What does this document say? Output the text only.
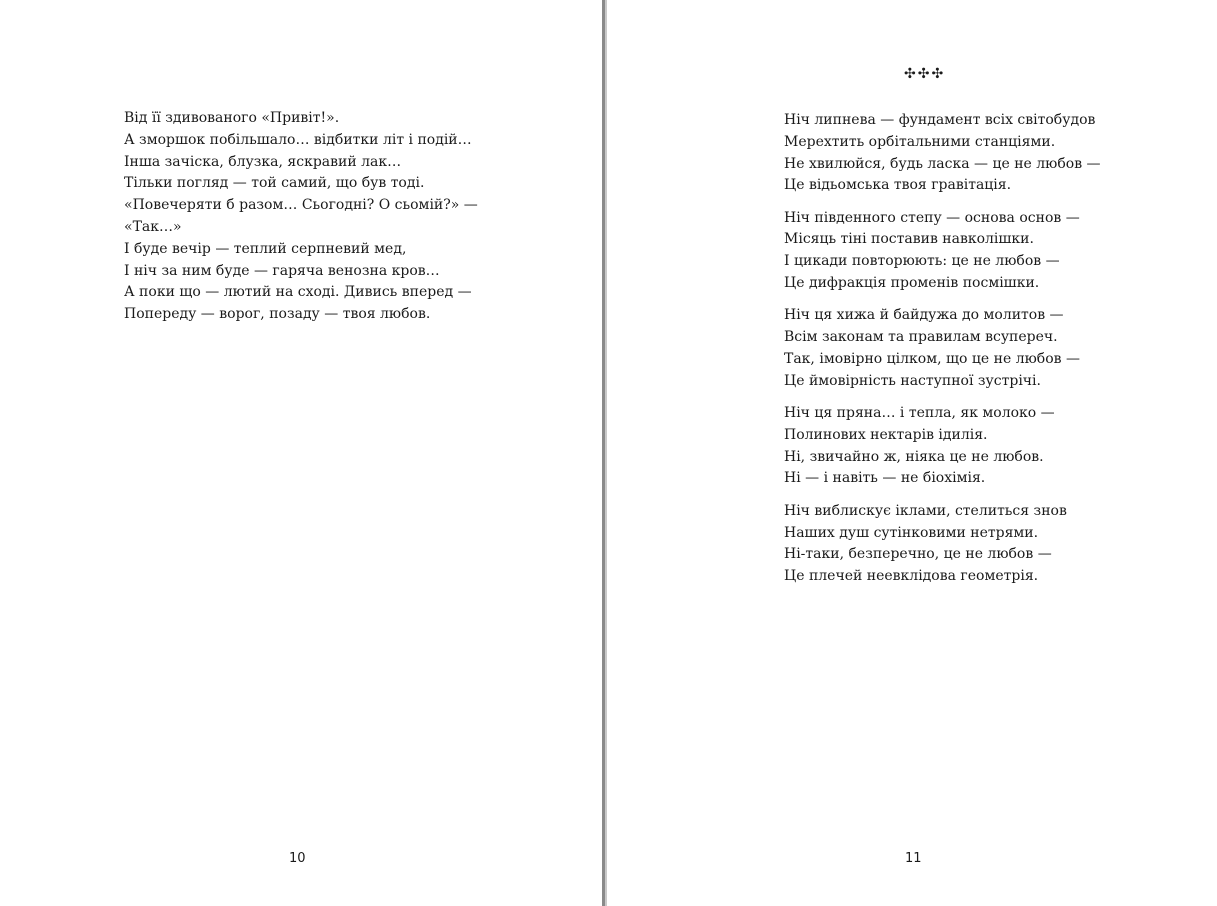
Від її здивованого «Привіт!».
А зморшок побільшало… відбитки літ і подій…
Інша зачіска, блузка, яскравий лак…
Тільки погляд — той самий, що був тоді.
«Повечеряти б разом… Сьогодні? О сьомій?» —
«Так…»
І буде вечір — теплий серпневий мед,
І ніч за ним буде — гаряча венозна кров…
А поки що — лютий на сході. Дивись вперед —
Попереду — ворог, позаду — твоя любов.
10
✣✣✣
Ніч липнева — фундамент всіх світобудов
Мерехтить орбітальними станціями.
Не хвилюйся, будь ласка — це не любов —
Це відьомська твоя гравітація.
Ніч південного степу — основа основ —
Місяць тіні поставив навколішки.
І цикади повторюють: це не любов —
Це дифракція променів посмішки.
Ніч ця хижа й байдужа до молитов —
Всім законам та правилам всупереч.
Так, імовірно цілком, що це не любов —
Це ймовірність наступної зустрічі.
Ніч ця пряна… і тепла, як молоко —
Полинових нектарів ідилія.
Ні, звичайно ж, ніяка це не любов.
Ні — і навіть — не біохімія.
Ніч виблискує іклами, стелиться знов
Наших душ сутінковими нетрями.
Ні-таки, безперечно, це не любов —
Це плечей неевклідова геометрія.
11
